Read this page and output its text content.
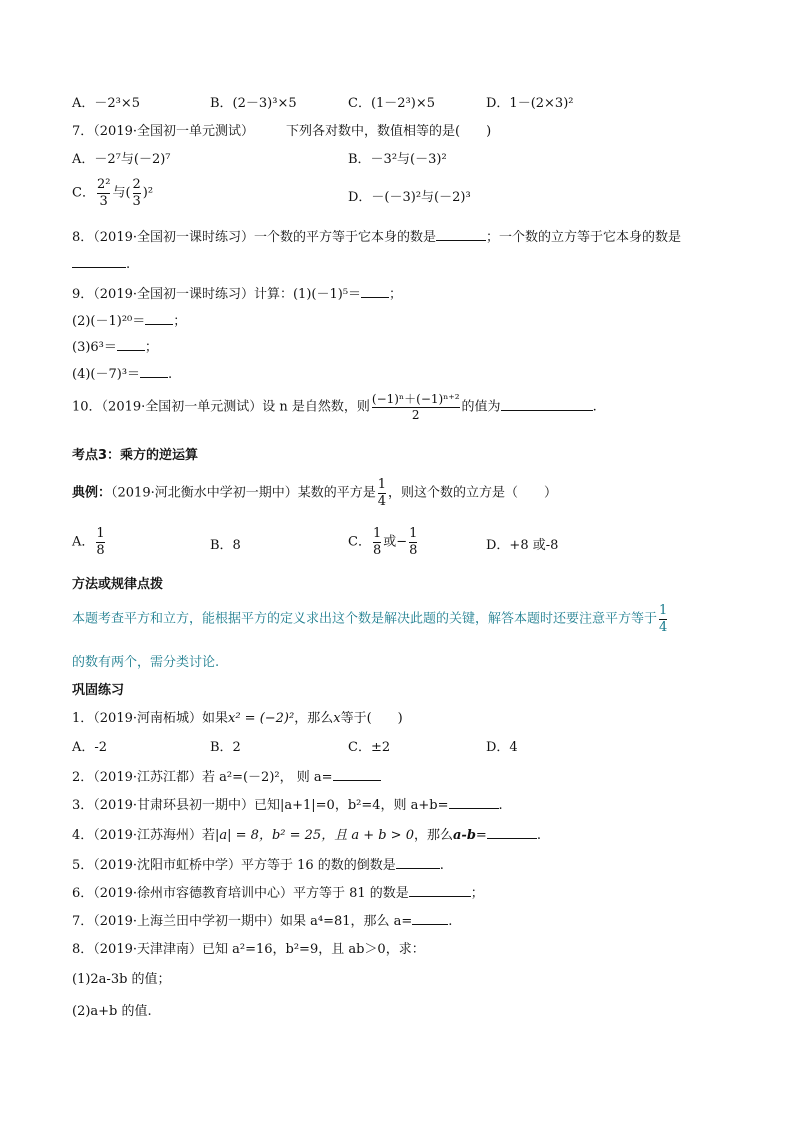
A．－2³×5	B．(2－3)³×5	C．(1－2³)×5	D．1－(2×3)²
7．（2019·全国初一单元测试） 下列各对数中，数值相等的是(　　)
A．－2⁷与(－2)⁷	B．－3²与(－3)²
C． $\frac{\text{2²}}{3}$ 与( $\frac{2}{3} )^2$	D．－(－3)²与(－2)³
8．（2019·全国初一课时练习）一个数的平方等于它本身的数是	；一个数的立方等于它本身的数是
.
9．（2019·全国初一课时练习）计算：(1)(－1)⁵＝ ；
(2)(－1)²⁰＝ ；
(3)6³＝ ；
(4)(－7)³＝ .
10．（2019·全国初一单元测试）设 n 是自然数，则 $\frac{\text{(−1)ⁿ＋(−1)ⁿ⁺²}}{2}$ 的值为	.
考点3：乘方的逆运算
典例：（2019·河北衡水中学初一期中）某数的平方是 $\frac{1}{4}$ ，则这个数的立方是（　　）
A． $\frac{1}{8}$	B．8	C． $\frac{1}{8}$ 或− $\frac{1}{8}$	D．+8 或-8
方法或规律点拨
本题考查平方和立方，能根据平方的定义求出这个数是解决此题的关键，解答本题时还要注意平方等于 $\frac{1}{4}$
的数有两个，需分类讨论.
巩固练习
1．（2019·河南柘城）如果x² = (−2)²，那么x等于(　　)
A．-2	B．2	C．±2	D．4
2．（2019·江苏江都）若 a²=(－2)²， 则 a=
3．（2019·甘肃环县初一期中）已知|a+1|=0，b²=4，则 a+b=	.
4．（2019·江苏海州）若|a| = 8，b² = 25，且 a + b > 0，那么a-b=	.
5．（2019·沈阳市虹桥中学）平方等于 16 的数的倒数是	.
6．（2019·徐州市容德教育培训中心）平方等于 81 的数是	；
7．（2019·上海兰田中学初一期中）如果 a⁴=81，那么 a=	.
8．（2019·天津津南）已知 a²=16，b²=9，且 ab＞0，求：
(1)2a-3b 的值；
(2)a+b 的值.
